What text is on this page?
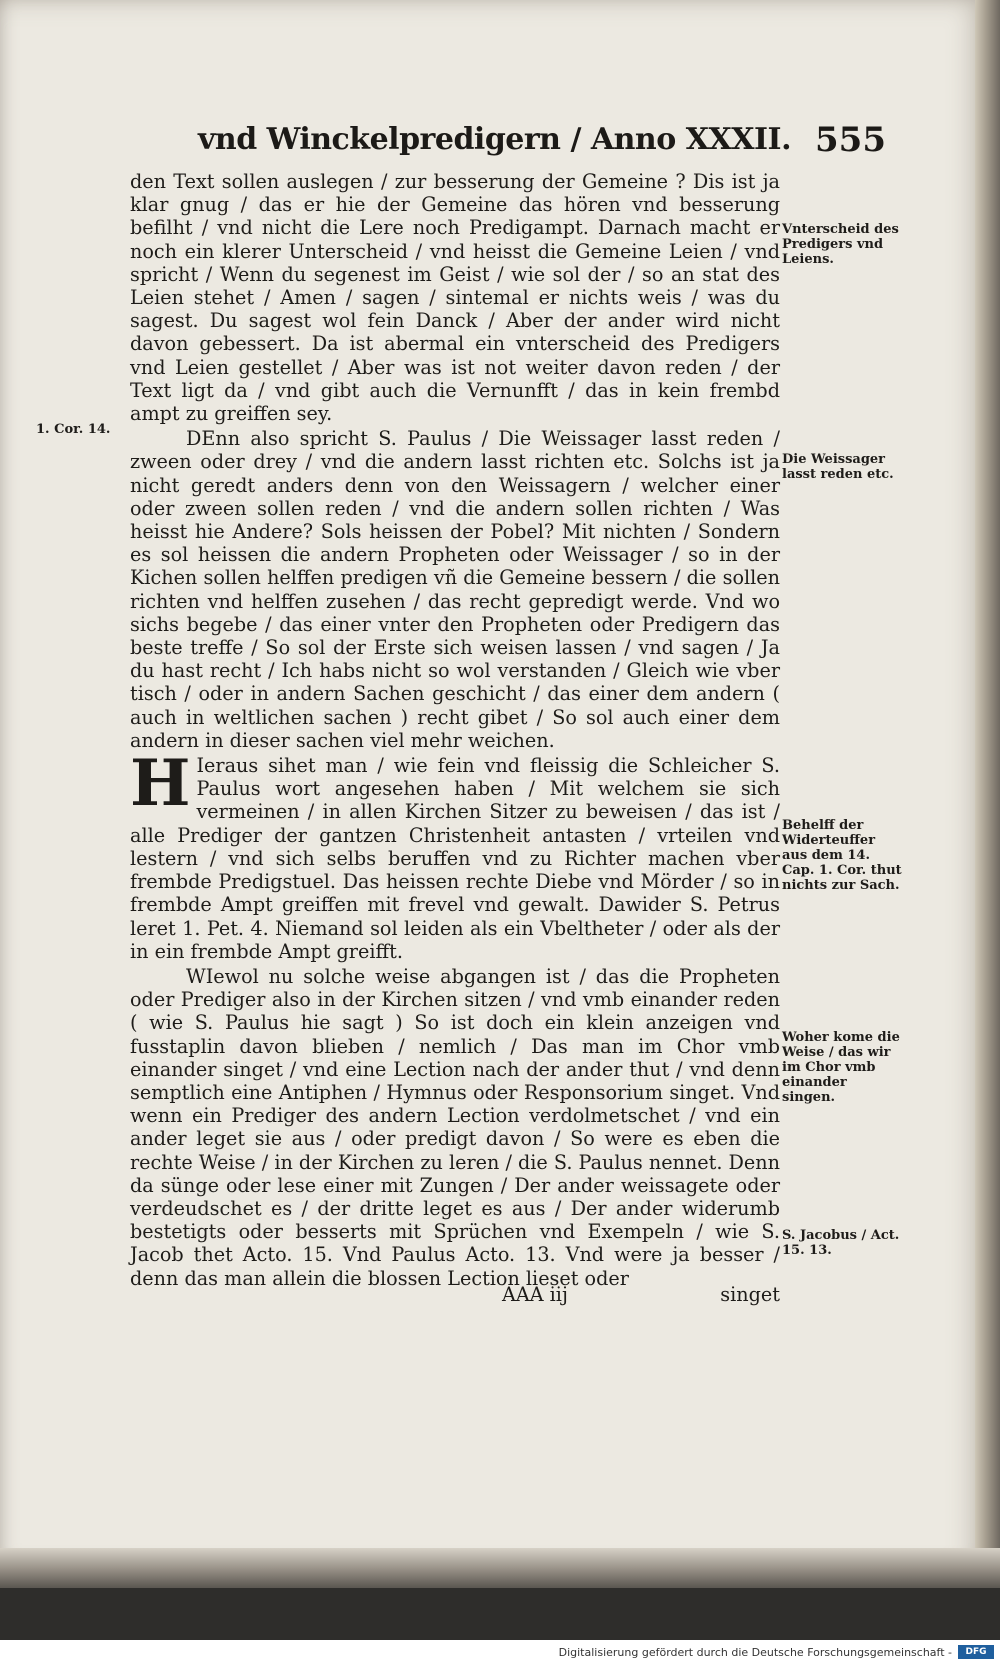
vnd Winckelpredigern / Anno XXXII. 555

den Text sollen auslegen / zur besserung der Gemeine ? Dis ist ja klar gnug / das er hie der Gemeine das hören vnd besserung befilht / vnd nicht die Lere noch Predigampt. Darnach macht er noch ein klerer Unterscheid / vnd heisst die Gemeine Leien / vnd spricht / Wenn du segenest im Geist / wie sol der / so an stat des Leien stehet / Amen / sagen / sintemal er nichts weis / was du sagest. Du sagest wol fein Danck / Aber der ander wird nicht davon gebessert. Da ist abermal ein vnterscheid des Predigers vnd Leien gestellet / Aber was ist not weiter davon reden / der Text ligt da / vnd gibt auch die Vernunfft / das in kein frembd ampt zu greiffen sey.

DEnn also spricht S. Paulus / Die Weissager lasst reden / zween oder drey / vnd die andern lasst richten etc. Solchs ist ja nicht geredt anders denn von den Weissagern / welcher einer oder zween sollen reden / vnd die andern sollen richten / Was heisst hie Andere? Sols heissen der Pobel? Mit nichten / Sondern es sol heissen die andern Propheten oder Weissager / so in der Kichen sollen helffen predigen vñ die Gemeine bessern / die sollen richten vnd helffen zusehen / das recht gepredigt werde. Vnd wo sichs begebe / das einer vnter den Propheten oder Predigern das beste treffe / So sol der Erste sich weisen lassen / vnd sagen / Ja du hast recht / Ich habs nicht so wol verstanden / Gleich wie vber tisch / oder in andern Sachen geschicht / das einer dem andern ( auch in weltlichen sachen ) recht gibet / So sol auch einer dem andern in dieser sachen viel mehr weichen.

H Ieraus sihet man / wie fein vnd fleissig die Schleicher S. Paulus wort angesehen haben / Mit welchem sie sich vermeinen / in allen Kirchen Sitzer zu beweisen / das ist / alle Prediger der gantzen Christenheit antasten / vrteilen vnd lestern / vnd sich selbs beruffen vnd zu Richter machen vber frembde Predigstuel. Das heissen rechte Diebe vnd Mörder / so in frembde Ampt greiffen mit frevel vnd gewalt. Dawider S. Petrus leret 1. Pet. 4. Niemand sol leiden als ein Vbeltheter / oder als der in ein frembde Ampt greifft.

WIewol nu solche weise abgangen ist / das die Propheten oder Prediger also in der Kirchen sitzen / vnd vmb einander reden ( wie S. Paulus hie sagt ) So ist doch ein klein anzeigen vnd fusstaplin davon blieben / nemlich / Das man im Chor vmb einander singet / vnd eine Lection nach der ander thut / vnd denn semptlich eine Antiphen / Hymnus oder Responsorium singet. Vnd wenn ein Prediger des andern Lection verdolmetschet / vnd ein ander leget sie aus / oder predigt davon / So were es eben die rechte Weise / in der Kirchen zu leren / die S. Paulus nennet. Denn da sünge oder lese einer mit Zungen / Der ander weissagete oder verdeudschet es / der dritte leget es aus / Der ander widerumb bestetigts oder besserts mit Sprüchen vnd Exempeln / wie S. Jacob thet Acto. 15. Vnd Paulus Acto. 13. Vnd were ja besser / denn das man allein die blossen Lection lieset oder

AAA iij	singet
1. Cor. 14.
Vnterscheid des Predigers vnd Leiens.
Die Weissager lasst reden etc.
Behelff der Widerteuffer aus dem 14. Cap. 1. Cor. thut nichts zur Sach.
Woher kome die Weise / das wir im Chor vmb einander singen.
S. Jacobus / Act. 15. 13.
Digitalisierung gefördert durch die Deutsche Forschungsgemeinschaft -	DFG
